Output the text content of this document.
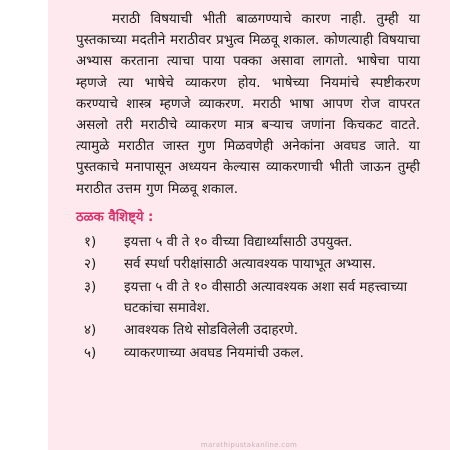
मराठी विषयाची भीती बाळगण्याचे कारण नाही. तुम्ही या पुस्तकाच्या मदतीने मराठीवर प्रभुत्व मिळवू शकाल. कोणत्याही विषयाचा अभ्यास करताना त्याचा पाया पक्का असावा लागतो. भाषेचा पाया म्हणजे त्या भाषेचे व्याकरण होय. भाषेच्या नियमांचे स्पष्टीकरण करण्याचे शास्त्र म्हणजे व्याकरण. मराठी भाषा आपण रोज वापरत असलो तरी मराठीचे व्याकरण मात्र बऱ्याच जणांना किचकट वाटते. त्यामुळे मराठीत जास्त गुण मिळवणेही अनेकांना अवघड जाते. या पुस्तकाचे मनापासून अध्ययन केल्यास व्याकरणाची भीती जाऊन तुम्ही मराठीत उत्तम गुण मिळवू शकाल.

ठळक वैशिष्ट्ये :
१)	इयत्ता ५ वी ते १० वीच्या विद्यार्थ्यांसाठी उपयुक्त.
२)	सर्व स्पर्धा परीक्षांसाठी अत्यावश्यक पायाभूत अभ्यास.
३)	इयत्ता ५ वी ते १० वीसाठी अत्यावश्यक अशा सर्व महत्त्वाच्या घटकांचा समावेश.
४)	आवश्यक तिथे सोडविलेली उदाहरणे.
५)	व्याकरणाच्या अवघड नियमांची उकल.
marathipustakanline.com
